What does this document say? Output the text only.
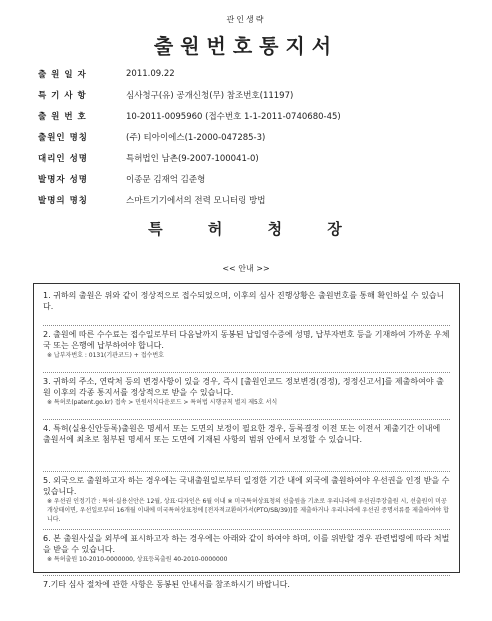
관인생략
출원번호통지서
출 원 일 자	2011.09.22
특 기 사 항	심사청구(유) 공개신청(무) 참조번호(11197)
출 원 번 호	10-2011-0095960 (접수번호 1-1-2011-0740680-45)
출원인 명칭	(주) 티아이에스(1-2000-047285-3)
대리인 성명	특허법인 남촌(9-2007-100041-0)
발명자 성명	이종문 김재억 김준형
발명의 명칭	스마트기기에서의 전력 모니터링 방법
특 허 청 장
<< 안내 >>

1. 귀하의 출원은 위와 같이 정상적으로 접수되었으며, 이후의 심사 진행상황은 출원번호를 통해 확인하실 수 있습니다.

2. 출원에 따른 수수료는 접수일로부터 다음날까지 동봉된 납입영수증에 성명, 납부자번호 등을 기재하여 가까운 우체국 또는 은행에 납부하여야 합니다.

※ 납부자번호 : 0131(기관코드) + 접수번호

3. 귀하의 주소, 연락처 등의 변경사항이 있을 경우, 즉시 [출원인코드 정보변경(경정), 정정신고서]를 제출하여야 출원 이후의 각종 통지서를 정상적으로 받을 수 있습니다.

※ 특허로(patent.go.kr) 접속 > 민원서식다운로드 > 특허법 시행규칙 별지 제5호 서식

4. 특허(실용신안등록)출원은 명세서 또는 도면의 보정이 필요한 경우, 등록결정 이전 또는 이전서 제출기간 이내에 출원서에 최초로 첨부된 명세서 또는 도면에 기재된 사항의 범위 안에서 보정할 수 있습니다.

5. 외국으로 출원하고자 하는 경우에는 국내출원일로부터 일정한 기간 내에 외국에 출원하여야 우선권을 인정 받을 수 있습니다.

※ 우선권 인정기간 : 특허·실용신안은 12월, 상표·디자인은 6월 이내 ※ 미국특허상표청의 선출원을 기초로 우리나라에 우선권주장출원 시, 선출원이 미공개상태이면, 우선일로부터 16개월 이내에 미국특허상표청에 [전자적교환허가서(PTO/SB/39)]를 제출하거나 우리나라에 우선권 증명서류를 제출하여야 합니다.

6. 본 출원사실을 외부에 표시하고자 하는 경우에는 아래와 같이 하여야 하며, 이를 위반할 경우 관련법령에 따라 처벌을 받을 수 있습니다.

※ 특허출원 10-2010-0000000, 상표등록출원 40-2010-0000000

7.기타 심사 절차에 관한 사항은 동봉된 안내서를 참조하시기 바랍니다.
